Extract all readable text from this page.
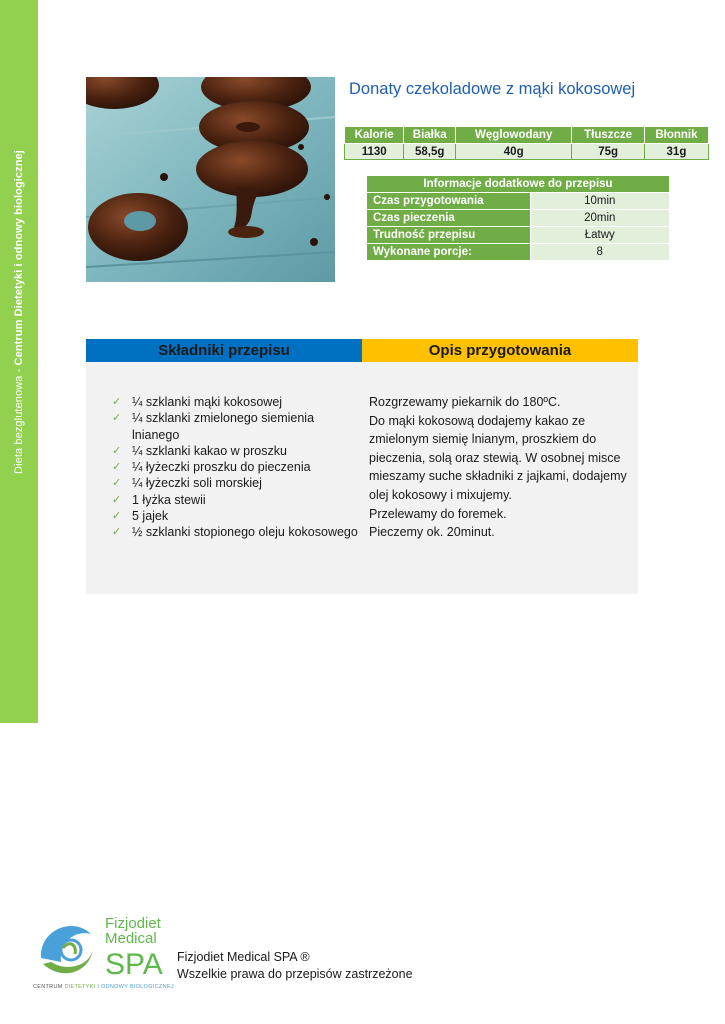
Dieta bezglutenowa - Centrum Dietetyki i odnowy biologicznej
Donaty czekoladowe z mąki kokosowej
Kalorie	Białka	Węglowodany	Tłuszcze	Błonnik
1130	58,5g	40g	75g	31g
Informacje dodatkowe do przepisu	
Czas przygotowania	10min
Czas pieczenia	20min
Trudność przepisu	Łatwy
Wykonane porcje:	8
Składniki przepisu	Opis przygotowania
✓ ¼ szklanki mąki kokosowej
✓ ¼ szklanki zmielonego siemienia lnianego
✓ ¼ szklanki kakao w proszku
✓ ¼ łyżeczki proszku do pieczenia
✓ ¼ łyżeczki soli morskiej
✓ 1 łyżka stewii
✓ 5 jajek
✓ ½ szklanki stopionego oleju kokosowego

Rozgrzewamy piekarnik do 180ºC.

Do mąki kokosową dodajemy kakao ze zmielonym siemię lnianym, proszkiem do pieczenia, solą oraz stewią. W osobnej misce mieszamy suche składniki z jajkami, dodajemy olej kokosowy i mixujemy.

Przelewamy do foremek.

Pieczemy ok. 20minut.

Fizjodiet
Medical
SPA
CENTRUM DIETETYKI I ODNOWY BIOLOGICZNEJ
Fizjodiet Medical SPA ®
Wszelkie prawa do przepisów zastrzeżone
